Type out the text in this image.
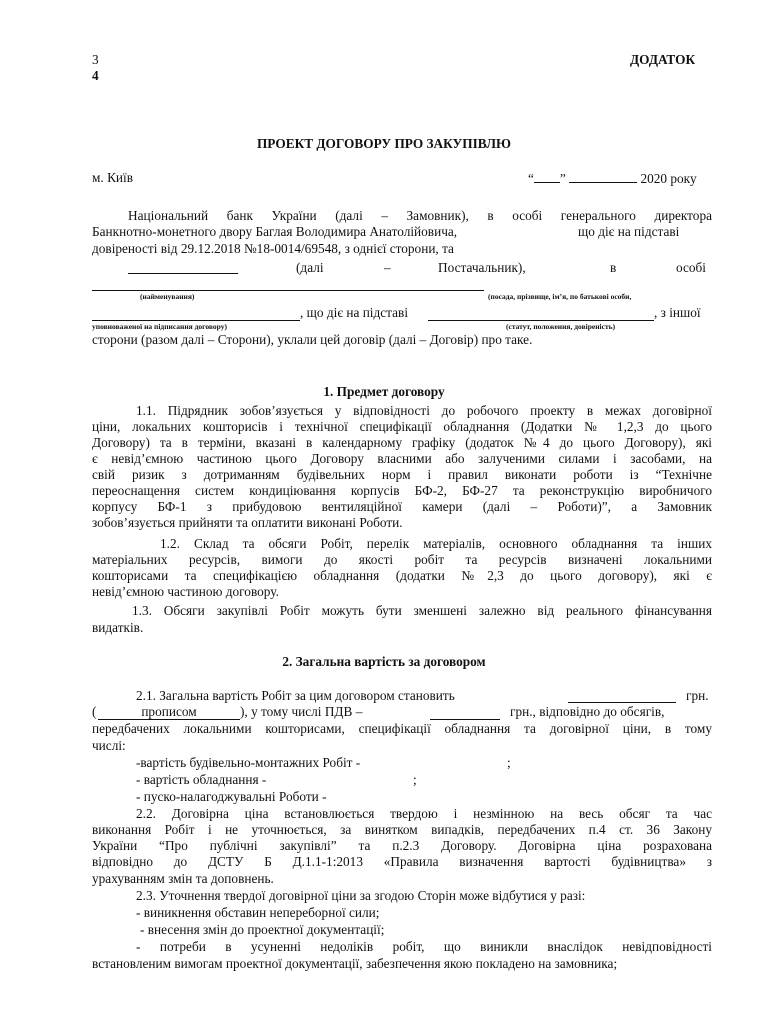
3
4
ДОДАТОК
ПРОЕКТ ДОГОВОРУ ПРО ЗАКУПІВЛЮ
м. Київ	“ ”	2020 року
Національний банк України (далі – Замовник), в особі генерального директора
Банкнотно-монетного двору Баглая Володимира Анатолійовича,	що діє на підставі
довіреності від 29.12.2018 №18-0014/69548, з однієї сторони, та
(далі	–	Постачальник),	в	особі
(найменування)	(посада, прізвище, ім’я, по батькові особи,
, що діє на підставі	, з іншої
уповноваженої на підписання договору)	(статут, положення, довіреність)
сторони (разом далі – Сторони), уклали цей договір (далі – Договір) про таке.
1. Предмет договору
1.1. Підрядник зобов’язується у відповідності до робочого проекту в межах договірної
ціни, локальних кошторисів і технічної специфікації обладнання (Додатки № 1,2,3 до цього
Договору) та в терміни, вказані в календарному графіку (додаток №4 до цього Договору), які
є невід’ємною частиною цього Договору власними або залученими силами і засобами, на
свій ризик з дотриманням будівельних норм і правил виконати роботи із “Технічне
переоснащення систем кондиціювання корпусів БФ-2, БФ-27 та реконструкцію виробничого
корпусу БФ-1 з прибудовою вентиляційної камери (далі – Роботи)”, а Замовник
зобов’язується прийняти та оплатити виконані Роботи.
1.2. Склад та обсяги Робіт, перелік матеріалів, основного обладнання та інших
матеріальних ресурсів, вимоги до якості робіт та ресурсів визначені локальними
кошторисами та специфікацією обладнання (додатки №2,3 до цього договору), які є
невід’ємною частиною договору.
1.3. Обсяги закупівлі Робіт можуть бути зменшені залежно від реального фінансування
видатків.
2. Загальна вартість за договором
2.1. Загальна вартість Робіт за цим договором становить	грн.
(	прописом	), у тому числі ПДВ –	грн., відповідно до обсягів,
передбачених локальними кошторисами, специфікації обладнання та договірної ціни, в тому
числі:
-вартість будівельно-монтажних Робіт -	;
- вартість обладнання -	;
- пуско-налагоджувальні Роботи -
2.2. Договірна ціна встановлюється твердою і незмінною на весь обсяг та час
виконання Робіт і не уточнюється, за винятком випадків, передбачених п.4 ст. 36 Закону
України “Про публічні закупівлі” та п.2.3 Договору. Договірна ціна розрахована
відповідно до ДСТУ Б Д.1.1-1:2013 «Правила визначення вартості будівництва» з
урахуванням змін та доповнень.
2.3. Уточнення твердої договірної ціни за згодою Сторін може відбутися у разі:
- виникнення обставин непереборної сили;
- внесення змін до проектної документації;
- потреби в усуненні недоліків робіт, що виникли внаслідок невідповідності
встановленим вимогам проектної документації, забезпечення якою покладено на замовника;
